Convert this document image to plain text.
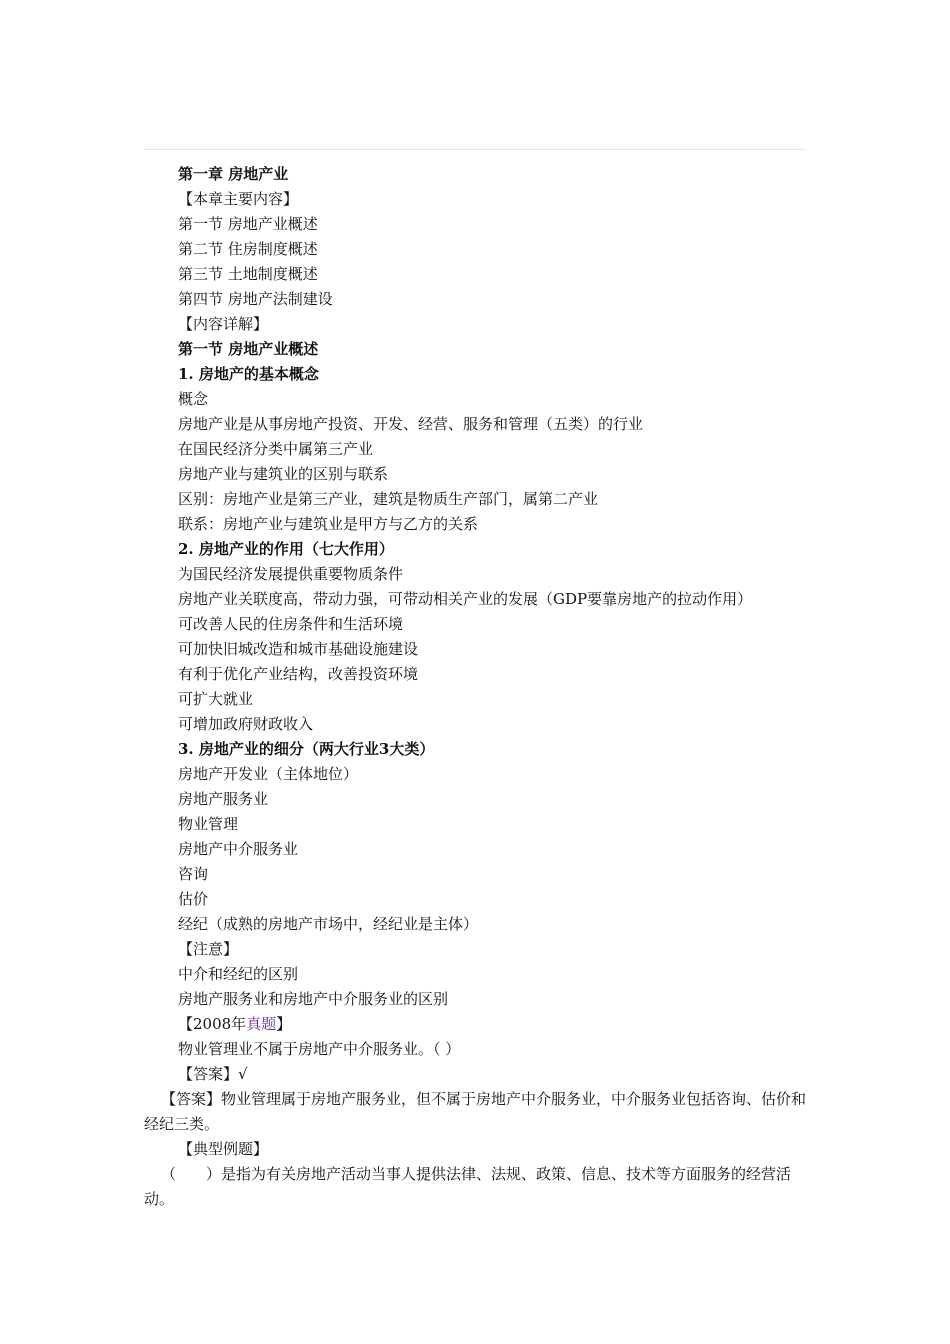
第一章 房地产业
【本章主要内容】
第一节 房地产业概述
第二节 住房制度概述
第三节 土地制度概述
第四节 房地产法制建设
【内容详解】
第一节 房地产业概述
1. 房地产的基本概念
概念
房地产业是从事房地产投资、开发、经营、服务和管理（五类）的行业
在国民经济分类中属第三产业
房地产业与建筑业的区别与联系
区别：房地产业是第三产业，建筑是物质生产部门，属第二产业
联系：房地产业与建筑业是甲方与乙方的关系
2. 房地产业的作用（七大作用）
为国民经济发展提供重要物质条件
房地产业关联度高，带动力强，可带动相关产业的发展（GDP要靠房地产的拉动作用）
可改善人民的住房条件和生活环境
可加快旧城改造和城市基础设施建设
有利于优化产业结构，改善投资环境
可扩大就业
可增加政府财政收入
3. 房地产业的细分（两大行业3大类）
房地产开发业（主体地位）
房地产服务业
物业管理
房地产中介服务业
咨询
估价
经纪（成熟的房地产市场中，经纪业是主体）
【注意】
中介和经纪的区别
房地产服务业和房地产中介服务业的区别
【2008年真题】
物业管理业不属于房地产中介服务业。（ ）
【答案】√
【答案】物业管理属于房地产服务业，但不属于房地产中介服务业，中介服务业包括咨询、估价和经纪三类。
【典型例题】
（　　）是指为有关房地产活动当事人提供法律、法规、政策、信息、技术等方面服务的经营活动。
